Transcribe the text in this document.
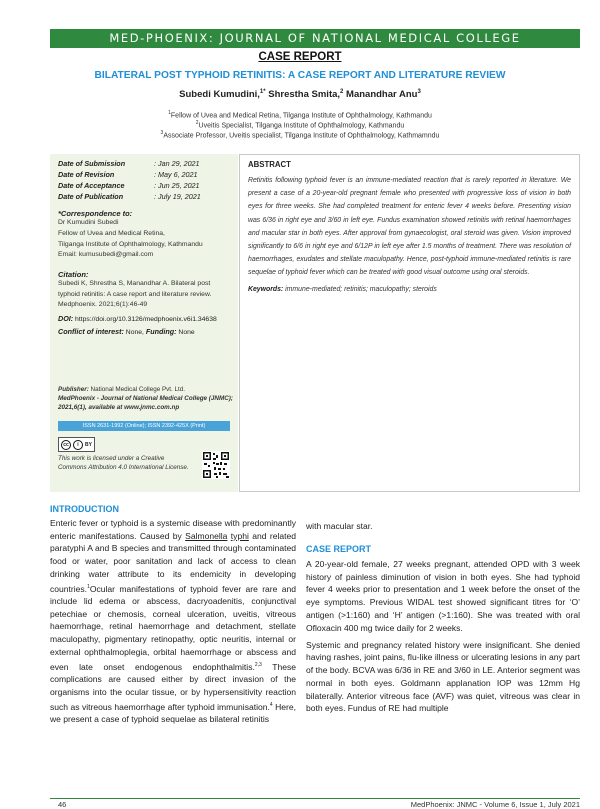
MED-PHOENIX: JOURNAL OF NATIONAL MEDICAL COLLEGE
CASE REPORT
BILATERAL POST TYPHOID RETINITIS: A CASE REPORT AND LITERATURE REVIEW
Subedi Kumudini,$^{1*}$ Shrestha Smita,$^2$ Manandhar Anu$^3$
$^1$Fellow of Uvea and Medical Retina, Tilganga Institute of Ophthalmology, Kathmandu
$^2$Uveitis Specialist, Tilganga Institute of Ophthalmology, Kathmandu
$^3$Associate Professor, Uveitis specialist, Tilganga Institute of Ophthalmology, Kathmamndu
Date of Submission	: Jan 29, 2021
Date of Revision	: May 6, 2021
Date of Acceptance	: Jun 25, 2021
Date of Publication	: July 19, 2021
*Correspondence to:
Dr Kumudini Subedi
Fellow of Uvea and Medical Retina,
Tilganga Institute of Ophthalmology, Kathmandu
Email: kumusubedi@gmail.com
Citation:
Subedi K, Shrestha S, Manandhar A. Bilateral post typhoid retinitis: A case report and literature review. Medphoenix. 2021;6(1):46-49
DOI: https://doi.org/10.3126/medphoenix.v6i1.34638
Conflict of interest: None, Funding: None
Publisher: National Medical College Pvt. Ltd.
MedPhoenix - Journal of National Medical College (JNMC); 2021,6(1), available at www.jnmc.com.np
ISSN 2631-1992 (Online); ISSN 2392-425X (Print)
cc	i	BY
This work is licensed under a Creative Commons Attribution 4.0 International License.
ABSTRACT
Retinitis following typhoid fever is an immune-mediated reaction that is rarely reported in literature. We present a case of a 20-year-old pregnant female who presented with progressive loss of vision in both eyes for three weeks. She had completed treatment for enteric fever 4 weeks before. Presenting vision was 6/36 in right eye and 3/60 in left eye. Fundus examination showed retinitis with retinal haemorrhages and macular star in both eyes. After approval from gynaecologist, oral steroid was given. Vision improved significantly to 6/6 in right eye and 6/12P in left eye after 1.5 months of treatment. There was resolution of haemorrhages, exudates and stellate maculopathy. Hence, post-typhoid immune-mediated retinitis is rare sequelae of typhoid fever which can be treated with good visual outcome using oral steroids.
Keywords: immune-mediated; retinitis; maculopathy; steroids
INTRODUCTION
Enteric fever or typhoid is a systemic disease with predominantly enteric manifestations. Caused by Salmonella typhi and related paratyphi A and B species and transmitted through contaminated food or water, poor sanitation and lack of access to clean drinking water attribute to its endemicity in developing countries.$^1$Ocular manifestations of typhoid fever are rare and include lid edema or abscess, dacryoadenitis, conjunctival petechiae or chemosis, corneal ulceration, uveitis, vitreous haemorrhage, retinal haemorrhage and detachment, stellate maculopathy, pigmentary retinopathy, optic neuritis, internal or external ophthalmoplegia, orbital haemorrhage or abscess and even late onset endogenous endophthalmitis.$^{2,3}$ These complications are caused either by direct invasion of the organisms into the ocular tissue, or by hypersensitivity reaction such as vitreous haemorrhage after typhoid immunisation.$^4$ Here, we present a case of typhoid sequelae as bilateral retinitis
with macular star.
CASE REPORT

A 20-year-old female, 27 weeks pregnant, attended OPD with 3 week history of painless diminution of vision in both eyes. She had typhoid fever 4 weeks prior to presentation and 1 week before the onset of the eye symptoms. Previous WIDAL test showed significant titres for ‘O’ antigen (>1:160) and ‘H’ antigen (>1:160). She was treated with oral Ofloxacin 400 mg twice daily for 2 weeks.

Systemic and pregnancy related history were insignificant. She denied having rashes, joint pains, flu-like illness or ulcerating lesions in any part of the body. BCVA was 6/36 in RE and 3/60 in LE. Anterior segment was normal in both eyes. Goldmann applanation IOP was 12mm Hg bilaterally. Anterior vitreous face (AVF) was quiet, vitreous was clear in both eyes. Fundus of RE had multiple

46	MedPhoenix: JNMC - Volume 6, Issue 1, July 2021
